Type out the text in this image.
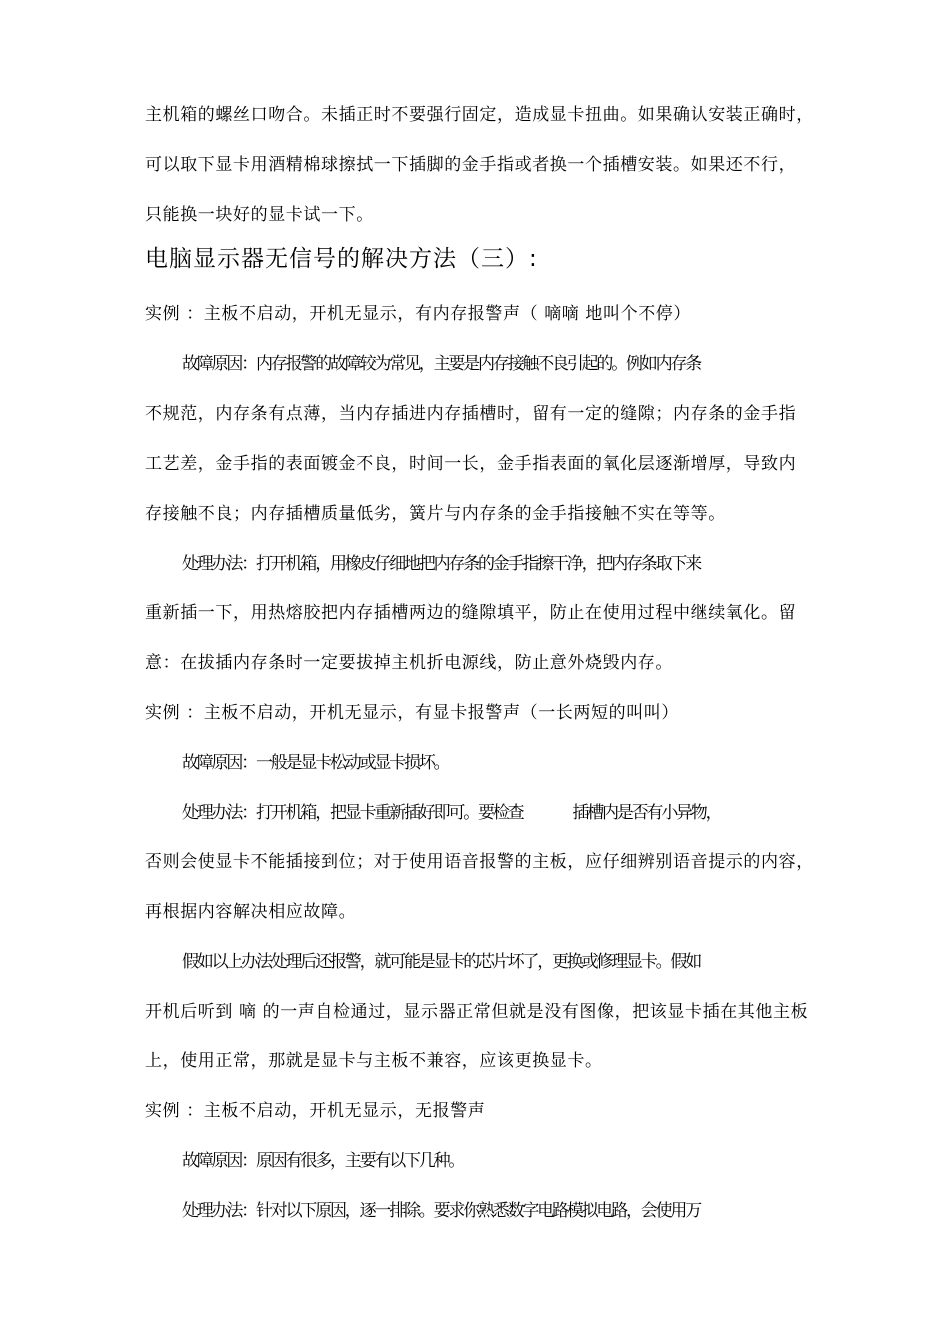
主机箱的螺丝口吻合。未插正时不要强行固定，造成显卡扭曲。如果确认安装正确时，
可以取下显卡用酒精棉球擦拭一下插脚的金手指或者换一个插槽安装。如果还不行，
只能换一块好的显卡试一下。
电脑显示器无信号的解决方法（三）:
实例 ：主板不启动，开机无显示，有内存报警声（ 嘀嘀 地叫个不停）
故障原因：内存报警的故障较为常见，主要是内存接触不良引起的。例如内存条
不规范，内存条有点薄，当内存插进内存插槽时，留有一定的缝隙；内存条的金手指
工艺差，金手指的表面镀金不良，时间一长，金手指表面的氧化层逐渐增厚，导致内
存接触不良；内存插槽质量低劣，簧片与内存条的金手指接触不实在等等。
处理办法：打开机箱，用橡皮仔细地把内存条的金手指擦干净，把内存条取下来
重新插一下，用热熔胶把内存插槽两边的缝隙填平，防止在使用过程中继续氧化。留
意：在拔插内存条时一定要拔掉主机折电源线，防止意外烧毁内存。
实例 ：主板不启动，开机无显示，有显卡报警声（一长两短的叫叫）
故障原因：一般是显卡松动或显卡损坏。
处理办法：打开机箱，把显卡重新插好即可。要检查	插槽内是否有小异物，
否则会使显卡不能插接到位；对于使用语音报警的主板，应仔细辨别语音提示的内容，
再根据内容解决相应故障。
假如以上办法处理后还报警，就可能是显卡的芯片坏了，更换或修理显卡。假如
开机后听到 嘀 的一声自检通过，显示器正常但就是没有图像，把该显卡插在其他主板
上，使用正常，那就是显卡与主板不兼容，应该更换显卡。
实例 ：主板不启动，开机无显示，无报警声
故障原因：原因有很多，主要有以下几种。
处理办法：针对以下原因，逐一排除。要求你熟悉数字电路模拟电路，会使用万
